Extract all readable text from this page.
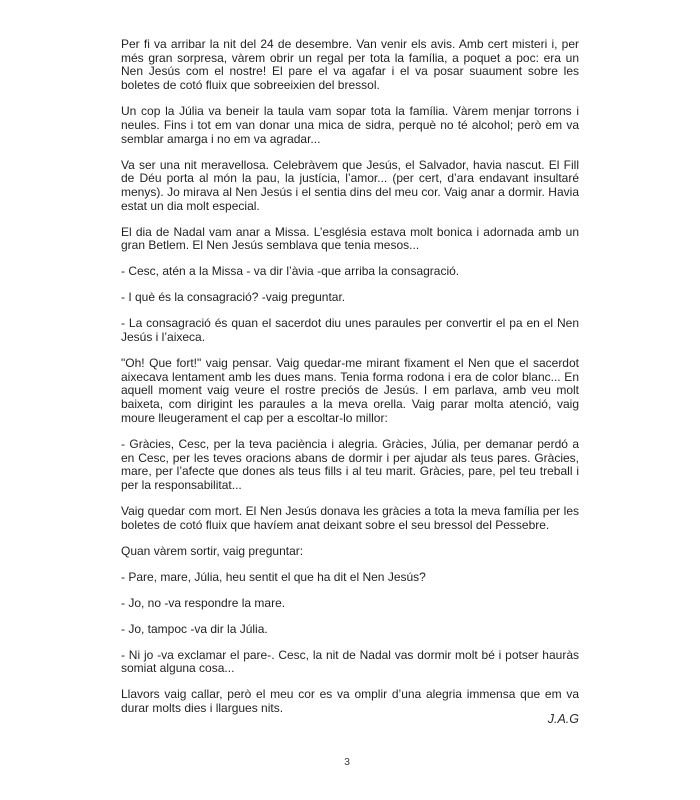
Per fi va arribar la nit del 24 de desembre. Van venir els avis. Amb cert misteri i, per més gran sorpresa, vàrem obrir un regal per tota la família, a poquet a poc: era un Nen Jesús com el nostre! El pare el va agafar i el va posar suaument sobre les boletes de cotó fluix que sobreeixien del bressol.

Un cop la Júlia va beneir la taula vam sopar tota la família. Vàrem menjar torrons i neules. Fins i tot em van donar una mica de sidra, perquè no té alcohol; però em va semblar amarga i no em va agradar...

Va ser una nit meravellosa. Celebràvem que Jesús, el Salvador, havia nascut. El Fill de Déu porta al món la pau, la justícia, l’amor... (per cert, d’ara endavant insultaré menys). Jo mirava al Nen Jesús i el sentia dins del meu cor. Vaig anar a dormir. Havia estat un dia molt especial.

El dia de Nadal vam anar a Missa. L’església estava molt bonica i adornada amb un gran Betlem. El Nen Jesús semblava que tenia mesos...

- Cesc, atén a la Missa - va dir l’àvia -que arriba la consagració.

- I què és la consagració? -vaig preguntar.

- La consagració és quan el sacerdot diu unes paraules per convertir el pa en el Nen Jesús i l’aixeca.

"Oh! Que fort!" vaig pensar. Vaig quedar-me mirant fixament el Nen que el sacerdot aixecava lentament amb les dues mans. Tenia forma rodona i era de color blanc... En aquell moment vaig veure el rostre preciós de Jesús. I em parlava, amb veu molt baixeta, com dirigint les paraules a la meva orella. Vaig parar molta atenció, vaig moure lleugerament el cap per a escoltar-lo millor:

- Gràcies, Cesc, per la teva paciència i alegria. Gràcies, Júlia, per demanar perdó a en Cesc, per les teves oracions abans de dormir i per ajudar als teus pares. Gràcies, mare, per l’afecte que dones als teus fills i al teu marit. Gràcies, pare, pel teu treball i per la responsabilitat...

Vaig quedar com mort. El Nen Jesús donava les gràcies a tota la meva família per les boletes de cotó fluix que havíem anat deixant sobre el seu bressol del Pessebre.

Quan vàrem sortir, vaig preguntar:

- Pare, mare, Júlia, heu sentit el que ha dit el Nen Jesús?

- Jo, no -va respondre la mare.

- Jo, tampoc -va dir la Júlia.

- Ni jo -va exclamar el pare-. Cesc, la nit de Nadal vas dormir molt bé i potser hauràs somiat alguna cosa...

Llavors vaig callar, però el meu cor es va omplir d’una alegria immensa que em va durar molts dies i llargues nits.

J.A.G
3
